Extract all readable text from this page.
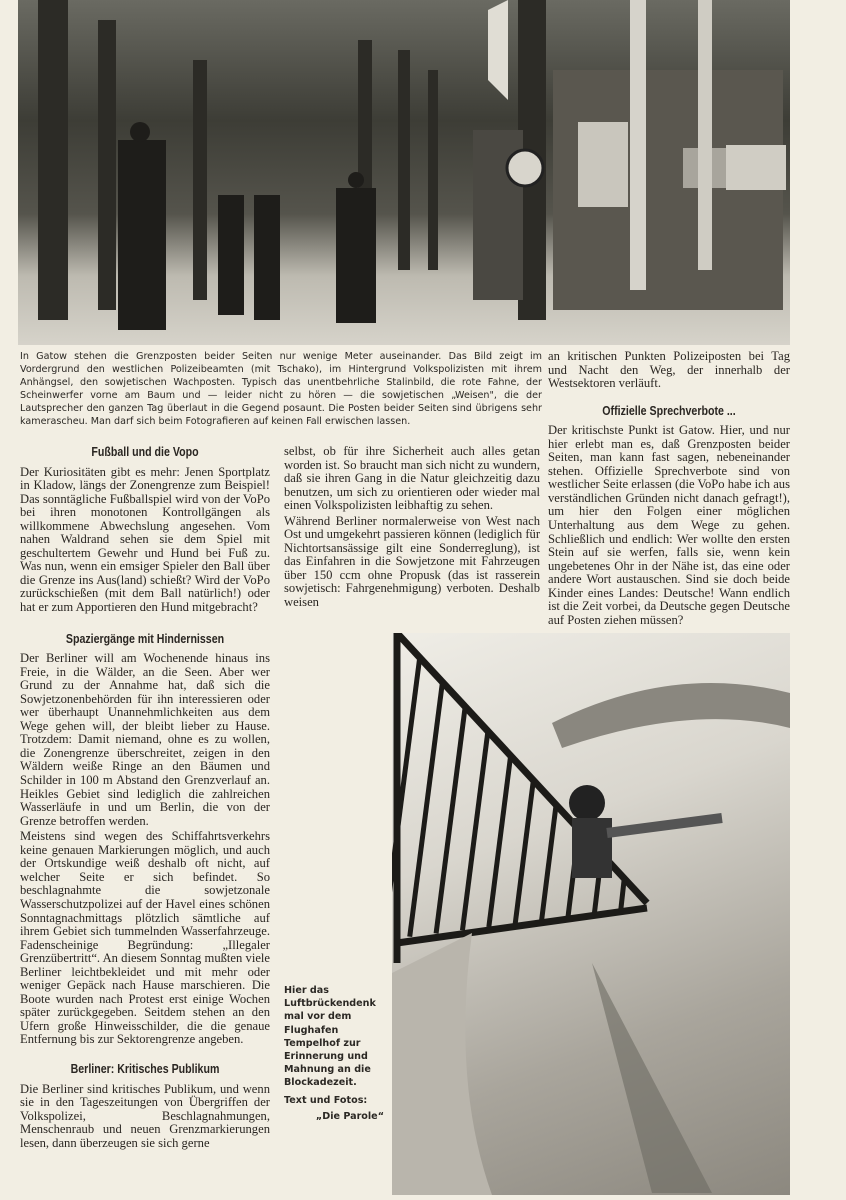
In Gatow stehen die Grenzposten beider Seiten nur wenige Meter auseinander. Das Bild zeigt im Vordergrund den westlichen Polizeibeamten (mit Tschako), im Hintergrund Volkspolizisten mit ihrem Anhängsel, den sowjetischen Wachposten. Typisch das unentbehrliche Stalinbild, die rote Fahne, der Scheinwerfer vorne am Baum und — leider nicht zu hören — die sowjetischen „Weisen", die der Lautsprecher den ganzen Tag überlaut in die Gegend posaunt. Die Posten beider Seiten sind übrigens sehr kamerascheu. Man darf sich beim Fotografieren auf keinen Fall erwischen lassen.
Fußball und die Vopo

Der Kuriositäten gibt es mehr: Jenen Sportplatz in Kladow, längs der Zonengrenze zum Beispiel! Das sonntägliche Fußballspiel wird von der VoPo bei ihren monotonen Kontrollgängen als willkommene Abwechslung angesehen. Vom nahen Waldrand sehen sie dem Spiel mit geschultertem Gewehr und Hund bei Fuß zu. Was nun, wenn ein emsiger Spieler den Ball über die Grenze ins Aus(land) schießt? Wird der VoPo zurückschießen (mit dem Ball natürlich!) oder hat er zum Apportieren den Hund mitgebracht?

Spaziergänge mit Hindernissen

Der Berliner will am Wochenende hinaus ins Freie, in die Wälder, an die Seen. Aber wer Grund zu der Annahme hat, daß sich die Sowjetzonenbehörden für ihn interessieren oder wer überhaupt Unannehmlichkeiten aus dem Wege gehen will, der bleibt lieber zu Hause. Trotzdem: Damit niemand, ohne es zu wollen, die Zonengrenze überschreitet, zeigen in den Wäldern weiße Ringe an den Bäumen und Schilder in 100 m Abstand den Grenzverlauf an. Heikles Gebiet sind lediglich die zahlreichen Wasserläufe in und um Berlin, die von der Grenze betroffen werden.

Meistens sind wegen des Schiffahrtsverkehrs keine genauen Markierungen möglich, und auch der Ortskundige weiß deshalb oft nicht, auf welcher Seite er sich befindet. So beschlagnahmte die sowjetzonale Wasserschutzpolizei auf der Havel eines schönen Sonntagnachmittags plötzlich sämtliche auf ihrem Gebiet sich tummelnden Wasserfahrzeuge. Fadenscheinige Begründung: „Illegaler Grenzübertritt“. An diesem Sonntag mußten viele Berliner leichtbekleidet und mit mehr oder weniger Gepäck nach Hause marschieren. Die Boote wurden nach Protest erst einige Wochen später zurückgegeben. Seitdem stehen an den Ufern große Hinweisschilder, die die genaue Entfernung bis zur Sektorengrenze angeben.

Berliner: Kritisches Publikum

Die Berliner sind kritisches Publikum, und wenn sie in den Tageszeitungen von Übergriffen der Volkspolizei, Beschlagnahmungen, Menschenraub und neuen Grenzmarkierungen lesen, dann überzeugen sie sich gerne

selbst, ob für ihre Sicherheit auch alles getan worden ist. So braucht man sich nicht zu wundern, daß sie ihren Gang in die Natur gleichzeitig dazu benutzen, um sich zu orientieren oder wieder mal einen Volkspolizisten leibhaftig zu sehen.

Während Berliner normalerweise von West nach Ost und umgekehrt passieren können (lediglich für Nichtortsansässige gilt eine Sonderreglung), ist das Einfahren in die Sowjetzone mit Fahrzeugen über 150 ccm ohne Propusk (das ist rasserein sowjetisch: Fahrgenehmigung) verboten. Deshalb weisen

an kritischen Punkten Polizeiposten bei Tag und Nacht den Weg, der innerhalb der Westsektoren verläuft.

Offizielle Sprechverbote ...

Der kritischste Punkt ist Gatow. Hier, und nur hier erlebt man es, daß Grenzposten beider Seiten, man kann fast sagen, nebeneinander stehen. Offizielle Sprechverbote sind von westlicher Seite erlassen (die VoPo habe ich aus verständlichen Gründen nicht danach gefragt!), um hier den Folgen einer möglichen Unterhaltung aus dem Wege zu gehen. Schließlich und endlich: Wer wollte den ersten Stein auf sie werfen, falls sie, wenn kein ungebetenes Ohr in der Nähe ist, das eine oder andere Wort austauschen. Sind sie doch beide Kinder eines Landes: Deutsche! Wann endlich ist die Zeit vorbei, da Deutsche gegen Deutsche auf Posten ziehen müssen?

Hier das Luftbrückendenkmal vor dem Flughafen Tempelhof zur Erinnerung und Mahnung an die Blockadezeit.
Text und Fotos:
„Die Parole“
